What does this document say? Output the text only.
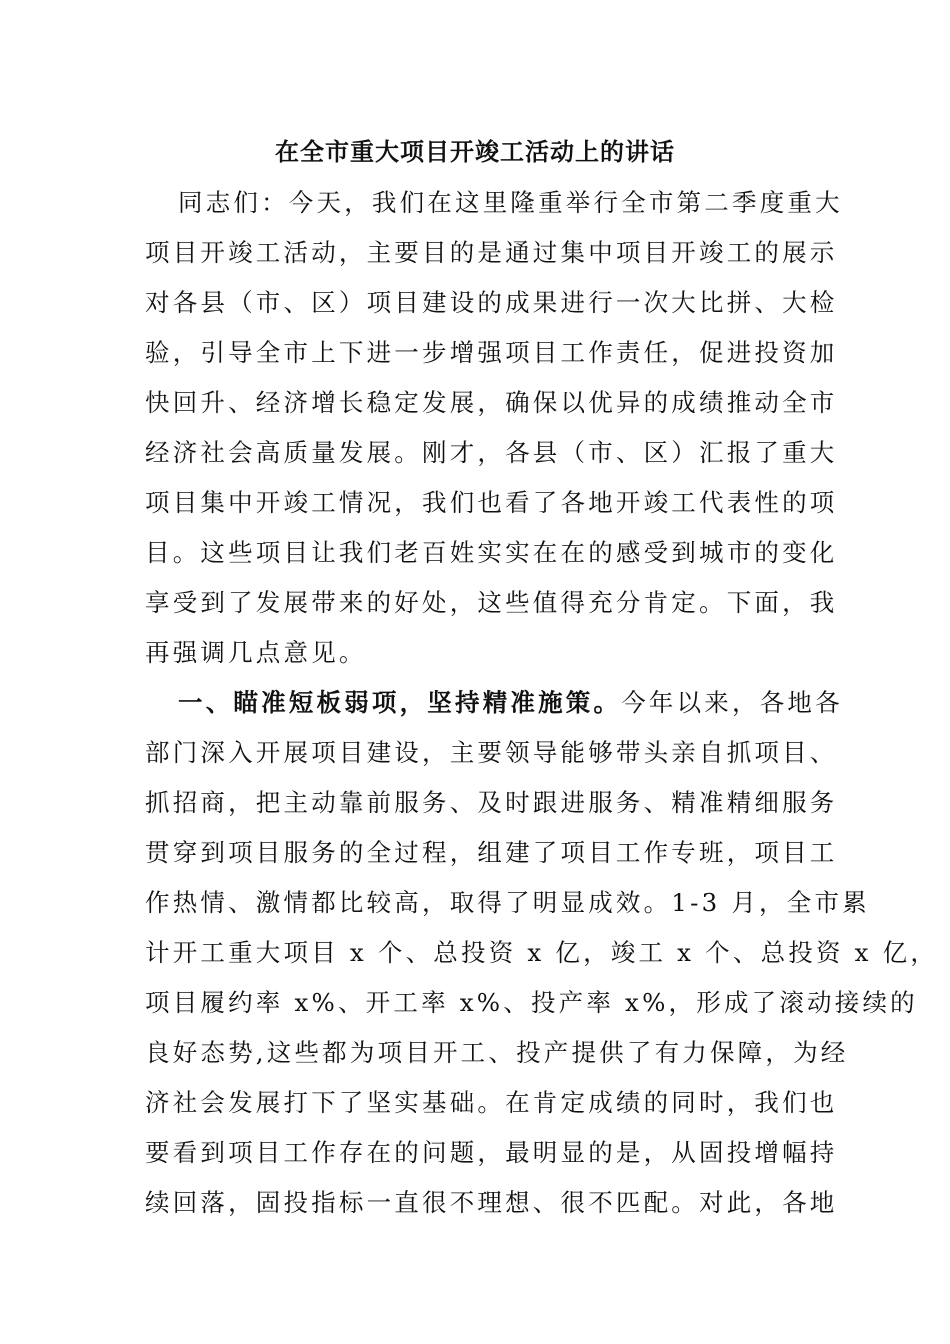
在全市重大项目开竣工活动上的讲话
同志们：今天，我们在这里隆重举行全市第二季度重大
项目开竣工活动，主要目的是通过集中项目开竣工的展示
对各县（市、区）项目建设的成果进行一次大比拼、大检
验，引导全市上下进一步增强项目工作责任，促进投资加
快回升、经济增长稳定发展，确保以优异的成绩推动全市
经济社会高质量发展。刚才，各县（市、区）汇报了重大
项目集中开竣工情况，我们也看了各地开竣工代表性的项
目。这些项目让我们老百姓实实在在的感受到城市的变化
享受到了发展带来的好处，这些值得充分肯定。下面，我
再强调几点意见。
一、瞄准短板弱项，坚持精准施策。今年以来，各地各
部门深入开展项目建设，主要领导能够带头亲自抓项目、
抓招商，把主动靠前服务、及时跟进服务、精准精细服务
贯穿到项目服务的全过程，组建了项目工作专班，项目工
作热情、激情都比较高，取得了明显成效。1-3 月，全市累
计开工重大项目 x 个、总投资 x 亿，竣工 x 个、总投资 x 亿，
项目履约率 x%、开工率 x%、投产率 x%，形成了滚动接续的
良好态势,这些都为项目开工、投产提供了有力保障，为经
济社会发展打下了坚实基础。在肯定成绩的同时，我们也
要看到项目工作存在的问题，最明显的是，从固投增幅持
续回落，固投指标一直很不理想、很不匹配。对此，各地
